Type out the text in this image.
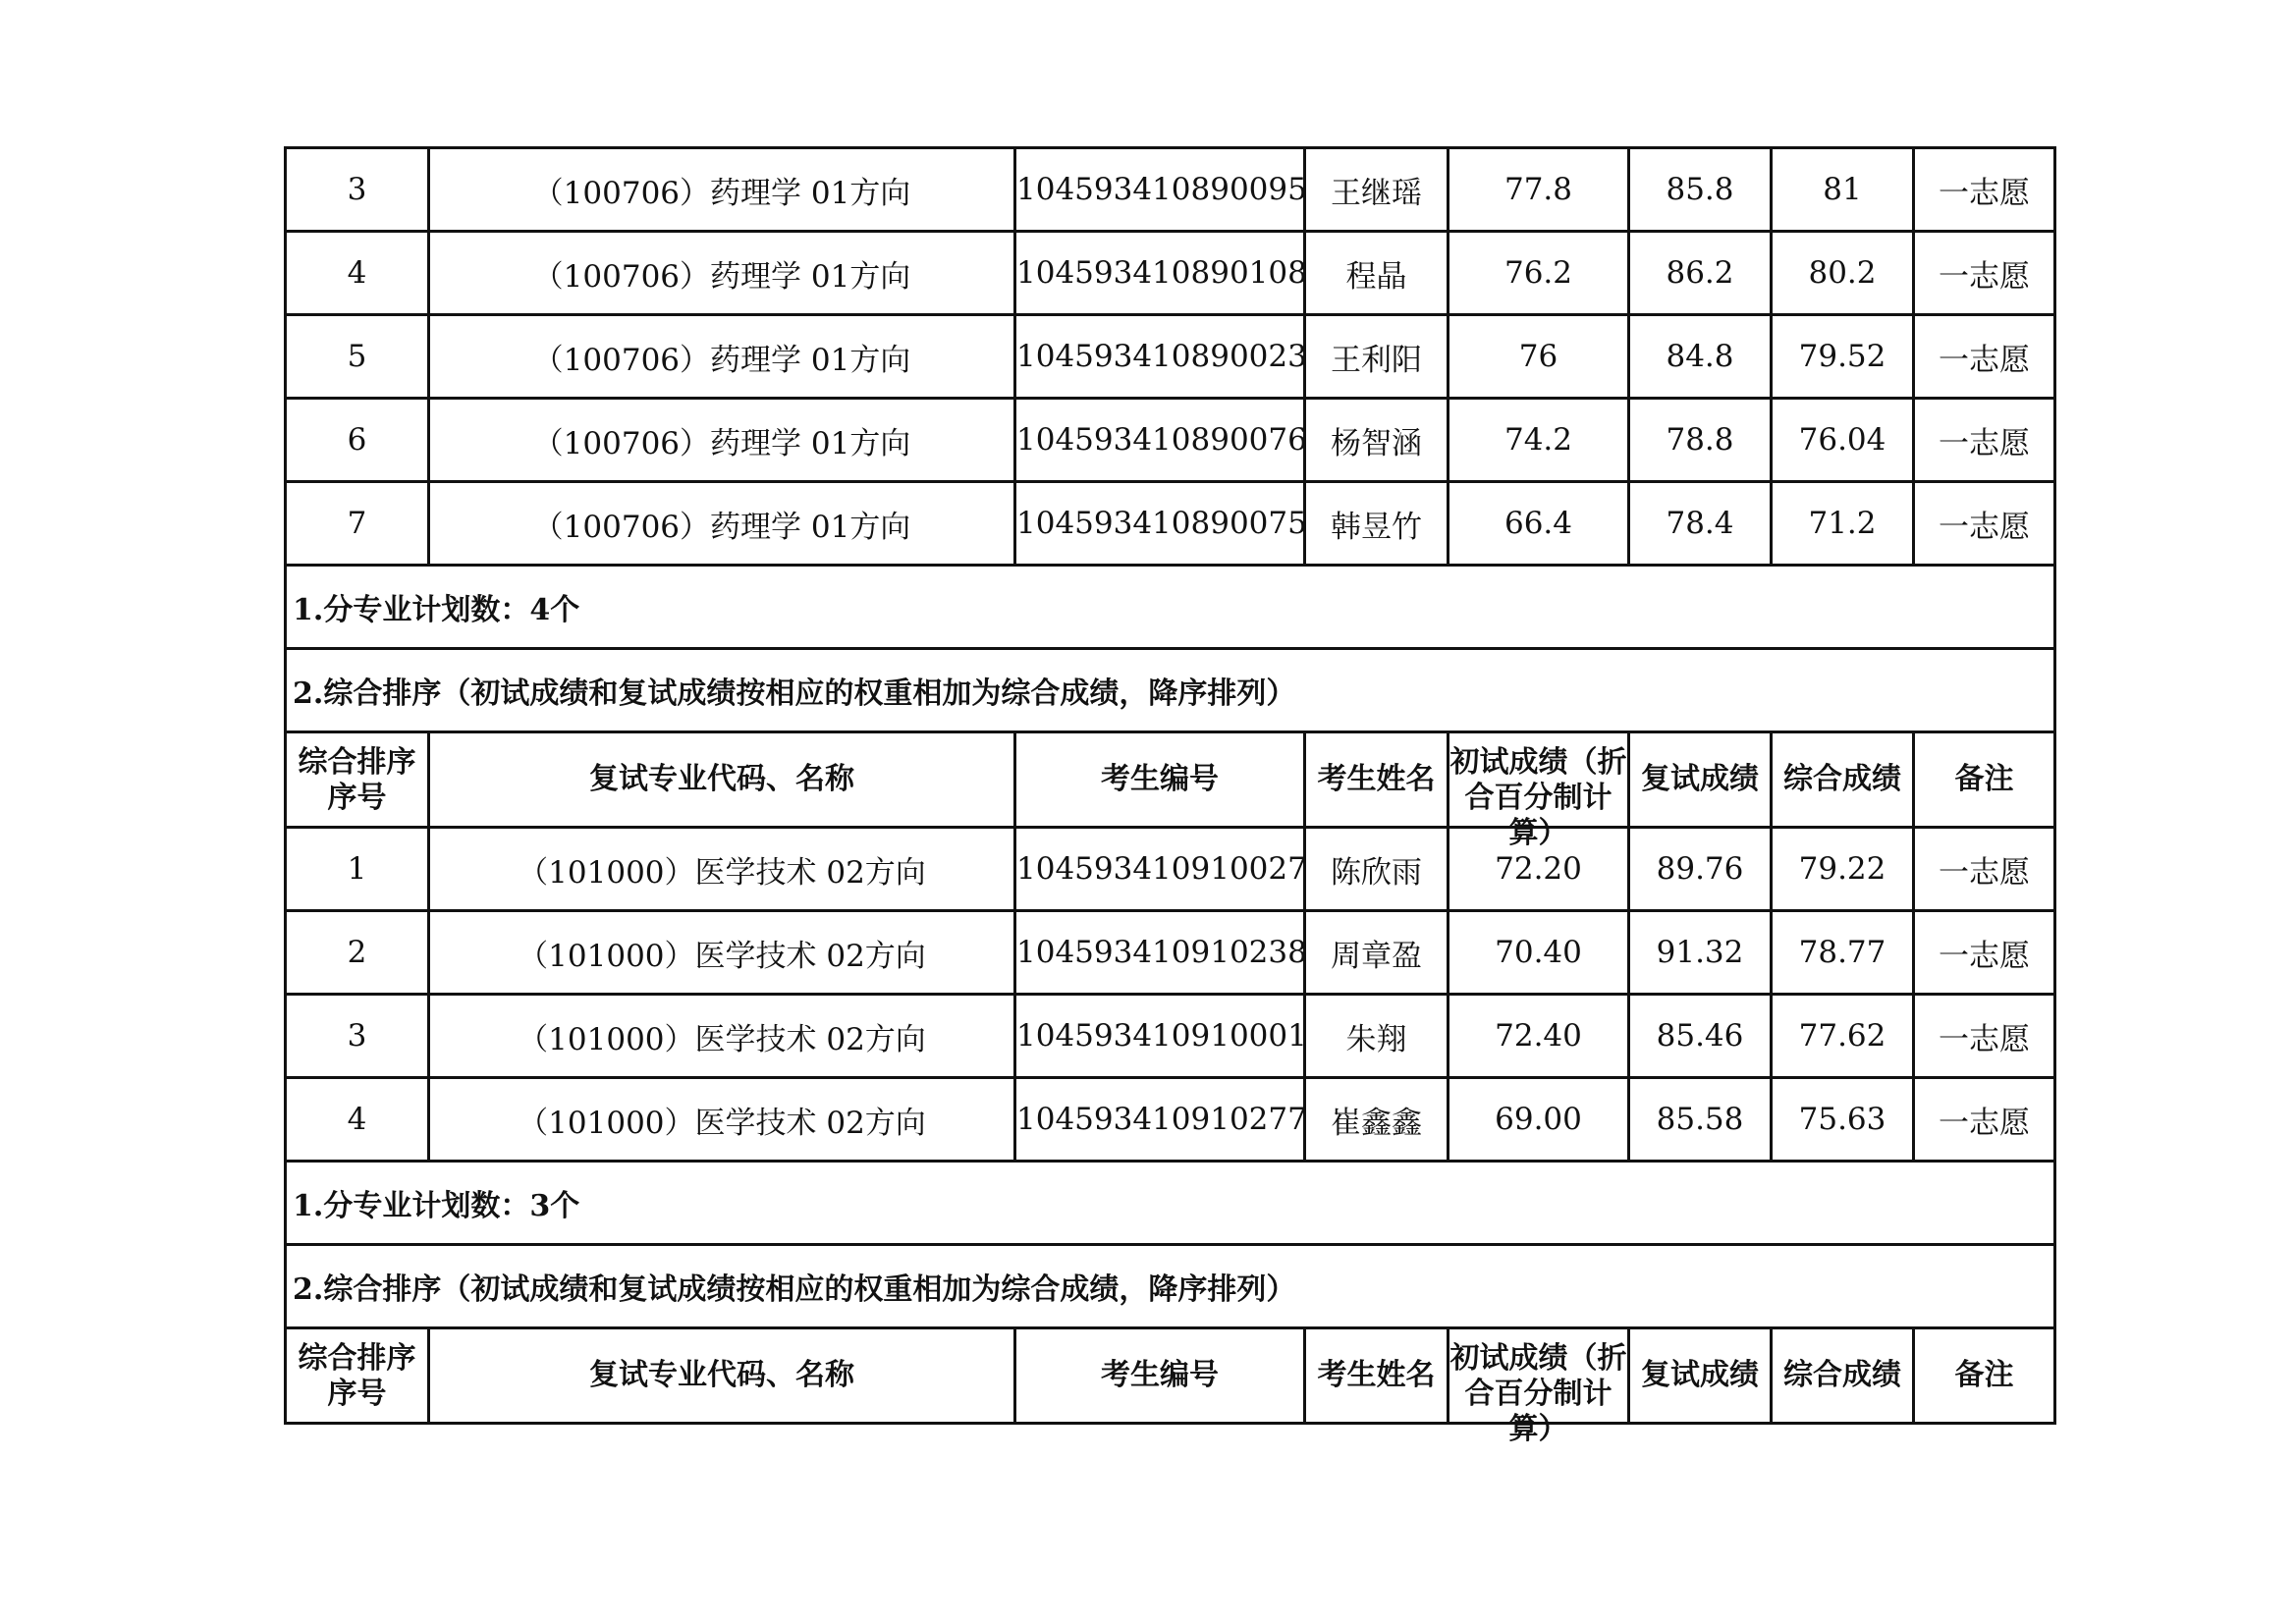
3	（100706）药理学 01方向	104593410890095	王继瑶	77.8	85.8	81	一志愿
4	（100706）药理学 01方向	104593410890108	程晶	76.2	86.2	80.2	一志愿
5	（100706）药理学 01方向	104593410890023	王利阳	76	84.8	79.52	一志愿
6	（100706）药理学 01方向	104593410890076	杨智涵	74.2	78.8	76.04	一志愿
7	（100706）药理学 01方向	104593410890075	韩昱竹	66.4	78.4	71.2	一志愿
1.分专业计划数：4个							
2.综合排序（初试成绩和复试成绩按相应的权重相加为综合成绩，降序排列）							

综合排序序号	复试专业代码、名称	考生编号	考生姓名	初试成绩（折合百分制计算）	复试成绩	综合成绩	备注
1	（101000）医学技术 02方向	104593410910027	陈欣雨	72.20	89.76	79.22	一志愿
2	（101000）医学技术 02方向	104593410910238	周章盈	70.40	91.32	78.77	一志愿
3	（101000）医学技术 02方向	104593410910001	朱翔	72.40	85.46	77.62	一志愿
4	（101000）医学技术 02方向	104593410910277	崔鑫鑫	69.00	85.58	75.63	一志愿
1.分专业计划数：3个							
2.综合排序（初试成绩和复试成绩按相应的权重相加为综合成绩，降序排列）							

综合排序序号	复试专业代码、名称	考生编号	考生姓名	初试成绩（折合百分制计算）	复试成绩	综合成绩	备注
